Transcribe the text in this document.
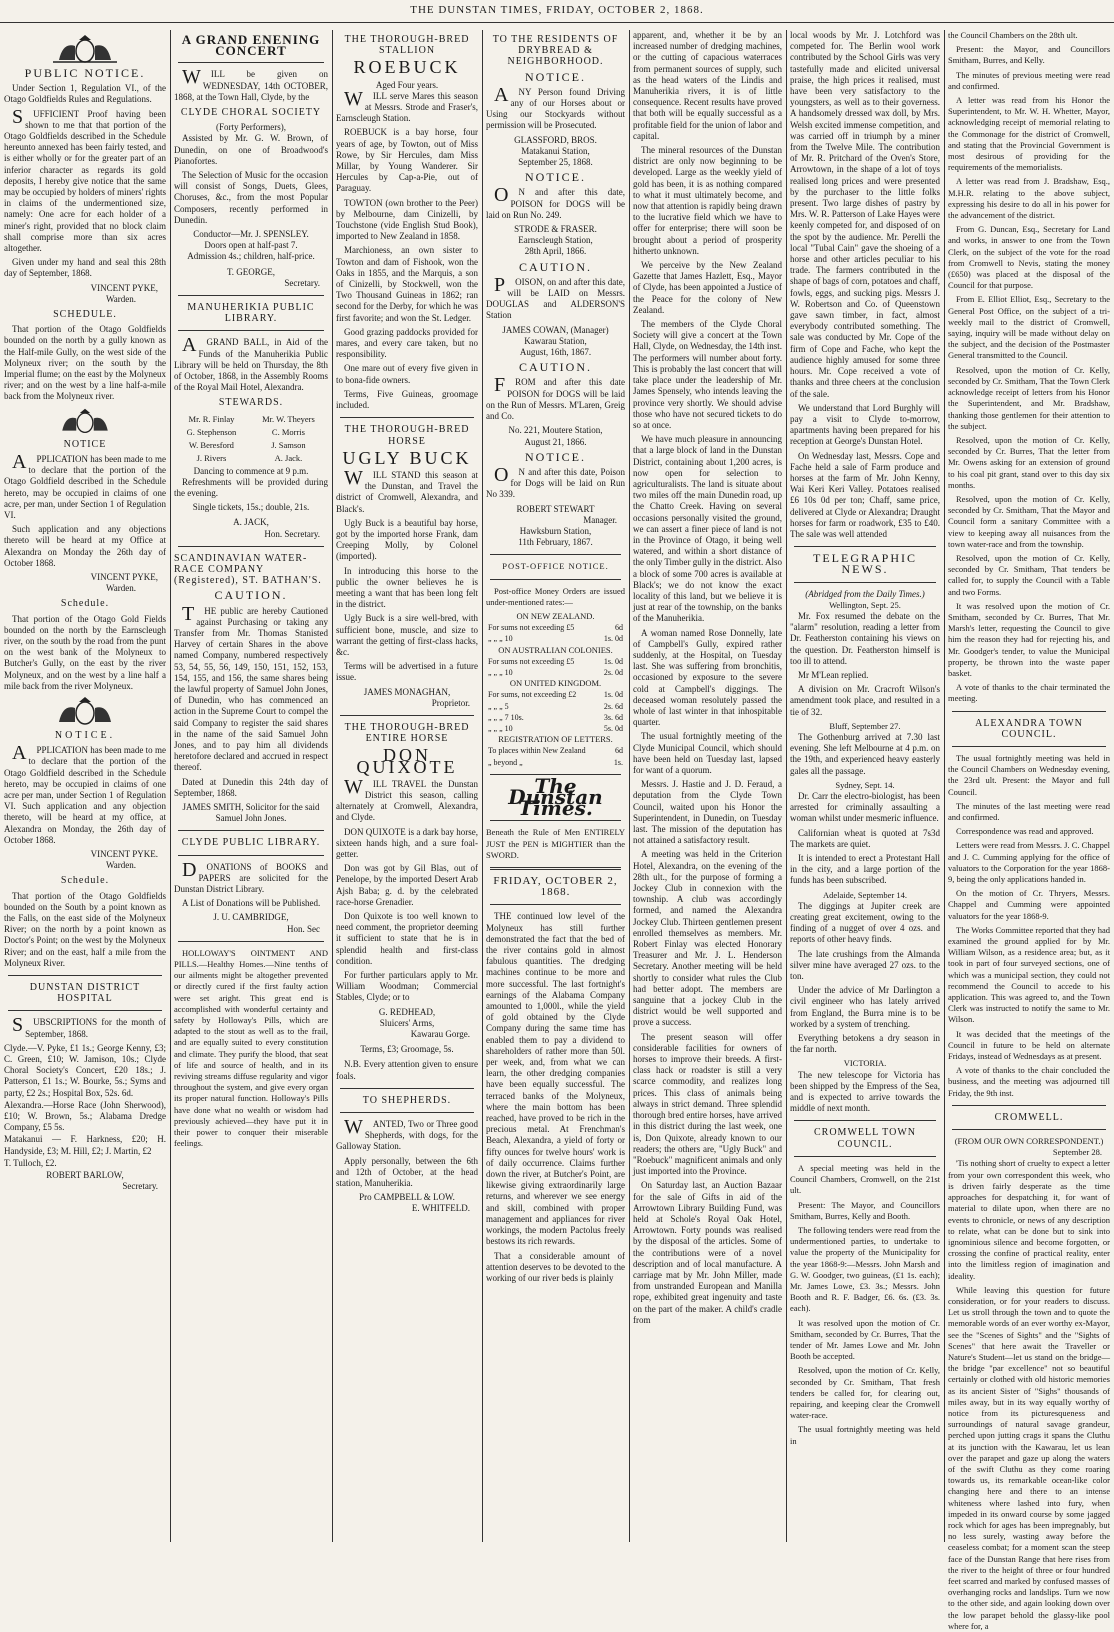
THE DUNSTAN TIMES, FRIDAY, OCTOBER 2, 1868.
PUBLIC NOTICE.

Under Section 1, Regulation VI., of the Otago Goldfields Rules and Regulations.

SUFFICIENT Proof having been shown to me that that portion of the Otago Goldfields described in the Schedule hereunto annexed has been fairly tested, and is either wholly or for the greater part of an inferior character as regards its gold deposits, I hereby give notice that the same may be occupied by holders of miners' rights in claims of the undermentioned size, namely: One acre for each holder of a miner's right, provided that no block claim shall comprise more than six acres altogether.

Given under my hand and seal this 28th day of September, 1868.

VINCENT PYKE,
Warden.
SCHEDULE.

That portion of the Otago Goldfields bounded on the north by a gully known as the Half-mile Gully, on the west side of the Molyneux river; on the south by the Imperial flume; on the east by the Molyneux river; and on the west by a line half-a-mile back from the Molyneux river.

NOTICE

APPLICATION has been made to me to declare that the portion of the Otago Goldfield described in the Schedule hereto, may be occupied in claims of one acre, per man, under Section 1 of Regulation VI.

Such application and any objections thereto will be heard at my Office at Alexandra on Monday the 26th day of October 1868.

VINCENT PYKE,
Warden.
Schedule.

That portion of the Otago Gold Fields bounded on the north by the Earnscleugh river, on the south by the road from the punt on the west bank of the Molyneux to Butcher's Gully, on the east by the river Molyneux, and on the west by a line half a mile back from the river Molyneux.

NOTICE.

APPLICATION has been made to me to declare that the portion of the Otago Goldfield described in the Schedule hereto, may be occupied in claims of one acre per man, under Section 1 of Regulation VI. Such application and any objection thereto, will be heard at my office, at Alexandra on Monday, the 26th day of October 1868.

VINCENT PYKE.
Warden.
Schedule.

That portion of the Otago Goldfields bounded on the South by a point known as the Falls, on the east side of the Molyneux River; on the north by a point known as Doctor's Point; on the west by the Molyneux River; and on the east, half a mile from the Molyneux River.

DUNSTAN DISTRICT HOSPITAL

SUBSCRIPTIONS for the month of September, 1868.

Clyde.—V. Pyke, £1 1s.; George Kenny, £3; C. Green, £10; W. Jamison, 10s.; Clyde Choral Society's Concert, £20 18s.; J. Patterson, £1 1s.; W. Bourke, 5s.; Syms and party, £2 2s.; Hospital Box, 52s. 6d.

Alexandra.—Horse Race (John Sherwood), £10; W. Brown, 5s.; Alabama Dredge Company, £5 5s.

Matakanui — F. Harkness, £20; H. Handyside, £3; M. Hill, £2; J. Martin, £2

T. Tulloch, £2.

ROBERT BARLOW,
Secretary.
A GRAND ENENING CONCERT

WILL be given on WEDNESDAY, 14th OCTOBER, 1868, at the Town Hall, Clyde, by the

CLYDE CHORAL SOCIETY
(Forty Performers),

Assisted by Mr. G. W. Brown, of Dunedin, on one of Broadwood's Pianofortes.

The Selection of Music for the occasion will consist of Songs, Duets, Glees, Choruses, &c., from the most Popular Composers, recently performed in Dunedin.

Conductor—Mr. J. SPENSLEY.
Doors open at half-past 7.
Admission 4s.; children, half-price.
T. GEORGE,
Secretary.
MANUHERIKIA PUBLIC LIBRARY.

AGRAND BALL, in Aid of the Funds of the Manuherikia Public Library will be held on Thursday, the 8th of October, 1868, in the Assembly Rooms of the Royal Mail Hotel, Alexandra.

STEWARDS.
Mr. R. Finlay	Mr. W. Theyers
G. Stephenson	C. Morris
W. Beresford	J. Samson
J. Rivers	A. Jack.
Dancing to commence at 9 p.m.

Refreshments will be provided during the evening.

Single tickets, 15s.; double, 21s.
A. JACK,
Hon. Secretary.
SCANDINAVIAN WATER-RACE COMPANY (Registered), ST. BATHAN'S.
CAUTION.

THE public are hereby Cautioned against Purchasing or taking any Transfer from Mr. Thomas Stanisted Harvey of certain Shares in the above named Company, numbered respectively 53, 54, 55, 56, 149, 150, 151, 152, 153, 154, 155, and 156, the same shares being the lawful property of Samuel John Jones, of Dunedin, who has commenced an action in the Supreme Court to compel the said Company to register the said shares in the name of the said Samuel John Jones, and to pay him all dividends heretofore declared and accrued in respect thereof.

Dated at Dunedin this 24th day of September, 1868.

JAMES SMITH, Solicitor for the said Samuel John Jones.
CLYDE PUBLIC LIBRARY.

DONATIONS of BOOKS and PAPERS are solicited for the Dunstan District Library.

A List of Donations will be Published.

J. U. CAMBRIDGE,
Hon. Sec

HOLLOWAY'S OINTMENT AND PILLS.—Healthy Homes.—Nine tenths of our ailments might be altogether prevented or directly cured if the first faulty action were set aright. This great end is accomplished with wonderful certainty and safety by Holloway's Pills, which are adapted to the stout as well as to the frail, and are equally suited to every constitution and climate. They purify the blood, that seat of life and source of health, and in its reviving streams diffuse regularity and vigor throughout the system, and give every organ its proper natural function. Holloway's Pills have done what no wealth or wisdom had previously achieved—they have put it in their power to conquer their miserable feelings.

THE THOROUGH-BRED STALLION
ROEBUCK
Aged Four years.

WILL serve Mares this season at Messrs. Strode and Fraser's, Earnscleugh Station.

ROEBUCK is a bay horse, four years of age, by Towton, out of Miss Rowe, by Sir Hercules, dam Miss Millar, by Young Wanderer. Sir Hercules by Cap-a-Pie, out of Paraguay.

TOWTON (own brother to the Peer) by Melbourne, dam Cinizelli, by Touchstone (vide English Stud Book), imported to New Zealand in 1858.

Marchioness, an own sister to Towton and dam of Fishook, won the Oaks in 1855, and the Marquis, a son of Cinizelli, by Stockwell, won the Two Thousand Guineas in 1862; ran second for the Derby, for which he was first favorite; and won the St. Ledger.

Good grazing paddocks provided for mares, and every care taken, but no responsibility.

One mare out of every five given in to bona-fide owners.

Terms, Five Guineas, groomage included.

THE THOROUGH-BRED HORSE
UGLY BUCK

WILL STAND this season at the Dunstan, and Travel the district of Cromwell, Alexandra, and Black's.

Ugly Buck is a beautiful bay horse, got by the imported horse Frank, dam Creeping Molly, by Colonel (imported).

In introducing this horse to the public the owner believes he is meeting a want that has been long felt in the district.

Ugly Buck is a sire well-bred, with sufficient bone, muscle, and size to warrant the getting of first-class hacks, &c.

Terms will be advertised in a future issue.

JAMES MONAGHAN,
Proprietor.
THE THOROUGH-BRED ENTIRE HORSE
DON QUIXOTE

WILL TRAVEL the Dunstan District this season, calling alternately at Cromwell, Alexandra, and Clyde.

DON QUIXOTE is a dark bay horse, sixteen hands high, and a sure foal-getter.

Don was got by Gil Blas, out of Penelope, by the imported Desert Arab Ajsh Baba; g. d. by the celebrated race-horse Grenadier.

Don Quixote is too well known to need comment, the proprietor deeming it sufficient to state that he is in splendid health and first-class condition.

For further particulars apply to Mr. William Woodman; Commercial Stables, Clyde; or to

G. REDHEAD,
Sluicers' Arms,
Kawarau Gorge.
Terms, £3; Groomage, 5s.

N.B. Every attention given to ensure foals.

TO SHEPHERDS.

WANTED, Two or Three good Shepherds, with dogs, for the Galloway Station.

Apply personally, between the 6th and 12th of October, at the head station, Manuherikia.

Pro CAMPBELL & LOW.
E. WHITFELD.
TO THE RESIDENTS OF DRYBREAD & NEIGHBORHOOD.
NOTICE.

ANY Person found Driving any of our Horses about or Using our Stockyards without permission will be Prosecuted.

GLASSFORD, BROS.
Matakanui Station,
September 25, 1868.
NOTICE.

ON and after this date, POISON for DOGS will be laid on Run No. 249.

STRODE & FRASER.
Earnscleugh Station,
28th April, 1866.
CAUTION.

POISON, on and after this date, will be LAID on Messrs. DOUGLAS and ALDERSON'S Station

JAMES COWAN, (Manager)
Kawarau Station,
August, 16th, 1867.
CAUTION.

FROM and after this date POISON for DOGS will be laid on the Run of Messrs. M'Laren, Greig and Co.

No. 221, Moutere Station,
August 21, 1866.
NOTICE.

ON and after this date, Poison for Dogs will be laid on Run No 339.

ROBERT STEWART
Manager.
Hawksburn Station,
11th February, 1867.
POST-OFFICE NOTICE.

Post-office Money Orders are issued under-mentioned rates:—

ON NEW ZEALAND.
For sums not exceeding £5	6d
„ „ „ 10	1s. 0d
ON AUSTRALIAN COLONIES.
For sums not exceeding £5	1s. 0d
„ „ „ 10	2s. 0d
ON UNITED KINGDOM.
For sums, not exceeding £2	1s. 0d
„ „ „ 5	2s. 6d
„ „ „ 7 10s.	3s. 6d
„ „ „ 10	5s. 0d
REGISTRATION OF LETTERS.
To places within New Zealand	6d
„ beyond „	1s.
The Dunstan Times.

Beneath the Rule of Men ENTIRELY JUST the PEN is MIGHTIER than the SWORD.

FRIDAY, OCTOBER 2, 1868.

THE continued low level of the Molyneux has still further demonstrated the fact that the bed of the river contains gold in almost fabulous quantities. The dredging machines continue to be more and more successful. The last fortnight's earnings of the Alabama Company amounted to 1,000l., while the yield of gold obtained by the Clyde Company during the same time has enabled them to pay a dividend to shareholders of rather more than 50l. per week, and, from what we can learn, the other dredging companies have been equally successful. The terraced banks of the Molyneux, where the main bottom has been reached, have proved to be rich in the precious metal. At Frenchman's Beach, Alexandra, a yield of forty or fifty ounces for twelve hours' work is of daily occurrence. Claims further down the river, at Butcher's Point, are likewise giving extraordinarily large returns, and wherever we see energy and skill, combined with proper management and appliances for river workings, the modern Pactolus freely bestows its rich rewards.

That a considerable amount of attention deserves to be devoted to the working of our river beds is plainly

apparent, and, whether it be by an increased number of dredging machines, or the cutting of capacious waterraces from permanent sources of supply, such as the head waters of the Lindis and Manuherikia rivers, it is of little consequence. Recent results have proved that both will be equally successful as a profitable field for the union of labor and capital.

The mineral resources of the Dunstan district are only now beginning to be developed. Large as the weekly yield of gold has been, it is as nothing compared to what it must ultimately become, and now that attention is rapidly being drawn to the lucrative field which we have to offer for enterprise; there will soon be brought about a period of prosperity hitherto unknown.

We perceive by the New Zealand Gazette that James Hazlett, Esq., Mayor of Clyde, has been appointed a Justice of the Peace for the colony of New Zealand.

The members of the Clyde Choral Society will give a concert at the Town Hall, Clyde, on Wednesday, the 14th inst. The performers will number about forty. This is probably the last concert that will take place under the leadership of Mr. James Spensely, who intends leaving the province very shortly. We should advise those who have not secured tickets to do so at once.

We have much pleasure in announcing that a large block of land in the Dunstan District, containing about 1,200 acres, is now open for selection to agriculturalists. The land is situate about two miles off the main Dunedin road, up the Chatto Creek. Having on several occasions personally visited the ground, we can assert a finer piece of land is not in the Province of Otago, it being well watered, and within a short distance of the only Timber gully in the district. Also a block of some 700 acres is available at Black's; we do not know the exact locality of this land, but we believe it is just at rear of the township, on the banks of the Manuherikia.

A woman named Rose Donnelly, late of Campbell's Gully, expired rather suddenly, at the Hospital, on Tuesday last. She was suffering from bronchitis, occasioned by exposure to the severe cold at Campbell's diggings. The deceased woman resolutely passed the whole of last winter in that inhospitable quarter.

The usual fortnightly meeting of the Clyde Municipal Council, which should have been held on Tuesday last, lapsed for want of a quorum.

Messrs. J. Hastie and J. D. Feraud, a deputation from the Clyde Town Council, waited upon his Honor the Superintendent, in Dunedin, on Tuesday last. The mission of the deputation has not attained a satisfactory result.

A meeting was held in the Criterion Hotel, Alexandra, on the evening of the 28th ult., for the purpose of forming a Jockey Club in connexion with the township. A club was accordingly formed, and named the Alexandra Jockey Club. Thirteen gentlemen present enrolled themselves as members. Mr. Robert Finlay was elected Honorary Treasurer and Mr. J. L. Henderson Secretary. Another meeting will be held shortly to consider what rules the Club had better adopt. The members are sanguine that a jockey Club in the district would be well supported and prove a success.

The present season will offer considerable facilities for owners of horses to improve their breeds. A first-class hack or roadster is still a very scarce commodity, and realizes long prices. This class of animals being always in strict demand. Three splendid thorough bred entire horses, have arrived in this district during the last week, one is, Don Quixote, already known to our readers; the others are, "Ugly Buck" and "Roebuck" magnificent animals and only just imported into the Province.

On Saturday last, an Auction Bazaar for the sale of Gifts in aid of the Arrowtown Library Building Fund, was held at Schole's Royal Oak Hotel, Arrowtown. Forty pounds was realised by the disposal of the articles. Some of the contributions were of a novel description and of local manufacture. A carriage mat by Mr. John Miller, made from unstranded European and Manilla rope, exhibited great ingenuity and taste on the part of the maker. A child's cradle from

local woods by Mr. J. Lotchford was competed for. The Berlin wool work contributed by the School Girls was very tastefully made and elicited universal praise, the high prices it realised, must have been very satisfactory to the youngsters, as well as to their governess. A handsomely dressed wax doll, by Mrs. Welsh excited immense competition, and was carried off in triumph by a miner from the Twelve Mile. The contribution of Mr. R. Pritchard of the Oven's Store, Arrowtown, in the shape of a lot of toys realised long prices and were presented by the purchaser to the little folks present. Two large dishes of pastry by Mrs. W. R. Patterson of Lake Hayes were keenly competed for, and disposed of on the spot by the audience. Mr. Perelli the local "Tubal Cain" gave the shoeing of a horse and other articles peculiar to his trade. The farmers contributed in the shape of bags of corn, potatoes and chaff, fowls, eggs, and sucking pigs. Messrs J. W. Robertson and Co. of Queenstown gave sawn timber, in fact, almost everybody contributed something. The sale was conducted by Mr. Cope of the firm of Cope and Fache, who kept the audience highly amused for some three hours. Mr. Cope received a vote of thanks and three cheers at the conclusion of the sale.

We understand that Lord Burghly will pay a visit to Clyde to-morrow, apartments having been prepared for his reception at George's Dunstan Hotel.

On Wednesday last, Messrs. Cope and Fache held a sale of Farm produce and horses at the farm of Mr. John Kenny, Wai Keri Keri Valley. Potatoes realised £6 10s 0d per ton; Chaff, same price, delivered at Clyde or Alexandra; Draught horses for farm or roadwork, £35 to £40. The sale was well attended

TELEGRAPHIC NEWS.
(Abridged from the Daily Times.)
Wellington, Sept. 25.

Mr. Fox resumed the debate on the "alarm" resolution, reading a letter from Dr. Featherston containing his views on the question. Dr. Featherston himself is too ill to attend.

Mr M'Lean replied.

A division on Mr. Cracroft Wilson's amendment took place, and resulted in a tie of 32.

Bluff, September 27.

The Gothenburg arrived at 7.30 last evening. She left Melbourne at 4 p.m. on the 19th, and experienced heavy easterly gales all the passage.

Sydney, Sept. 14.

Dr. Carr the electro-biologist, has been arrested for criminally assaulting a woman whilst under mesmeric influence.

Californian wheat is quoted at 7s3d The markets are quiet.

It is intended to erect a Protestant Hall in the city, and a large portion of the funds has been subscribed.

Adelaide, September 14.

The diggings at Jupiter creek are creating great excitement, owing to the finding of a nugget of over 4 ozs. and reports of other heavy finds.

The late crushings from the Almanda silver mine have averaged 27 ozs. to the ton.

Under the advice of Mr Darlington a civil engineer who has lately arrived from England, the Burra mine is to be worked by a system of trenching.

Everything betokens a dry season in the far north.

VICTORIA.

The new telescope for Victoria has been shipped by the Empress of the Sea, and is expected to arrive towards the middle of next month.

CROMWELL TOWN COUNCIL.

A special meeting was held in the Council Chambers, Cromwell, on the 21st ult.

Present: The Mayor, and Councillors Smitham, Burres, Kelly and Booth.

The following tenders were read from the undermentioned parties, to undertake to value the property of the Municipality for the year 1868-9:—Messrs. John Marsh and G. W. Goodger, two guineas, (£1 1s. each); Mr. James Lowe, £3. 3s.; Messrs. John Booth and R. F. Badger, £6. 6s. (£3. 3s. each).

It was resolved upon the motion of Cr. Smitham, seconded by Cr. Burres, That the tender of Mr. James Lowe and Mr. John Booth be accepted.

Resolved, upon the motion of Cr. Kelly, seconded by Cr. Smitham, That fresh tenders be called for, for clearing out, repairing, and keeping clear the Cromwell water-race.

The usual fortnightly meeting was held in

the Council Chambers on the 28th ult.

Present: the Mayor, and Councillors Smitham, Burres, and Kelly.

The minutes of previous meeting were read and confirmed.

A letter was read from his Honor the Superintendent, to Mr. W. H. Whetter, Mayor, acknowledging receipt of memorial relating to the Commonage for the district of Cromwell, and stating that the Provincial Government is most desirous of providing for the requirements of the memorialists.

A letter was read from J. Bradshaw, Esq., M.H.R. relating to the above subject, expressing his desire to do all in his power for the advancement of the district.

From G. Duncan, Esq., Secretary for Land and works, in answer to one from the Town Clerk, on the subject of the vote for the road from Cromwell to Nevis, stating the money (£650) was placed at the disposal of the Council for that purpose.

From E. Elliot Elliot, Esq., Secretary to the General Post Office, on the subject of a tri-weekly mail to the district of Cromwell, saying, inquiry will be made without delay on the subject, and the decision of the Postmaster General transmitted to the Council.

Resolved, upon the motion of Cr. Kelly, seconded by Cr. Smitham, That the Town Clerk acknowledge receipt of letters from his Honor the Superintendent, and Mr. Bradshaw, thanking those gentlemen for their attention to the subject.

Resolved, upon the motion of Cr. Kelly, seconded by Cr. Burres, That the letter from Mr. Owens asking for an extension of ground to his coal pit grant, stand over to this day six months.

Resolved, upon the motion of Cr. Kelly, seconded by Cr. Smitham, That the Mayor and Council form a sanitary Committee with a view to keeping away all nuisances from the town water-race and from the township.

Resolved, upon the motion of Cr. Kelly, seconded by Cr. Smitham, That tenders be called for, to supply the Council with a Table and two Forms.

It was resolved upon the motion of Cr. Smitham, seconded by Cr. Burres, That Mr. Marsh's letter, requesting the Council to give him the reason they had for rejecting his, and Mr. Goodger's tender, to value the Municipal property, be thrown into the waste paper basket.

A vote of thanks to the chair terminated the meeting.

ALEXANDRA TOWN COUNCIL.

The usual fortnightly meeting was held in the Council Chambers on Wednesday evening, the 23rd ult. Present: the Mayor and full Council.

The minutes of the last meeting were read and confirmed.

Correspondence was read and approved.

Letters were read from Messrs. J. C. Chappel and J. C. Cumming applying for the office of valuators to the Corporation for the year 1868-9, being the only applications handed in.

On the motion of Cr. Thryers, Messrs. Chappel and Cumming were appointed valuators for the year 1868-9.

The Works Committee reported that they had examined the ground applied for by Mr. William Wilson, as a residence area; but, as it took in part of four surveyed sections, one of which was a municipal section, they could not recommend the Council to accede to his application. This was agreed to, and the Town Clerk was instructed to notify the same to Mr. Wilson.

It was decided that the meetings of the Council in future to be held on alternate Fridays, instead of Wednesdays as at present.

A vote of thanks to the chair concluded the business, and the meeting was adjourned till Friday, the 9th inst.

CROMWELL.
(FROM OUR OWN CORRESPONDENT.)
September 28.

'Tis nothing short of cruelty to expect a letter from your own correspondent this week, who is driven fairly desperate as the time approaches for despatching it, for want of material to dilate upon, when there are no events to chronicle, or news of any description to relate, what can be done but to sink into ignominious silence and become forgotten, or crossing the confine of practical reality, enter into the limitless region of imagination and ideality.

While leaving this question for future consideration, or for your readers to discuss. Let us stroll through the town and to quote the memorable words of an ever worthy ex-Mayor, see the "Scenes of Sights" and the "Sights of Scenes" that here await the Traveller or Nature's Student—let us stand on the bridge—the bridge "par excellence" not so beautiful certainly or clothed with old historic memories as its ancient Sister of "Sighs" thousands of miles away, but in its way equally worthy of notice from its picturesqueness and surroundings of natural savage grandeur, perched upon jutting crags it spans the Cluthu at its junction with the Kawarau, let us lean over the parapet and gaze up along the waters of the swift Cluthu as they come roaring towards us, its remarkable ocean-like color changing here and there to an intense whiteness where lashed into fury, when impeded in its onward course by some jagged rock which for ages has been impregnably, but no less surely, wasting away before the ceaseless combat; for a moment scan the steep face of the Dunstan Range that here rises from the river to the height of three or four hundred feet scarred and marked by confused masses of overhanging rocks and landslips. Turn we now to the other side, and again looking down over the low parapet behold the glassy-like pool where for, a
